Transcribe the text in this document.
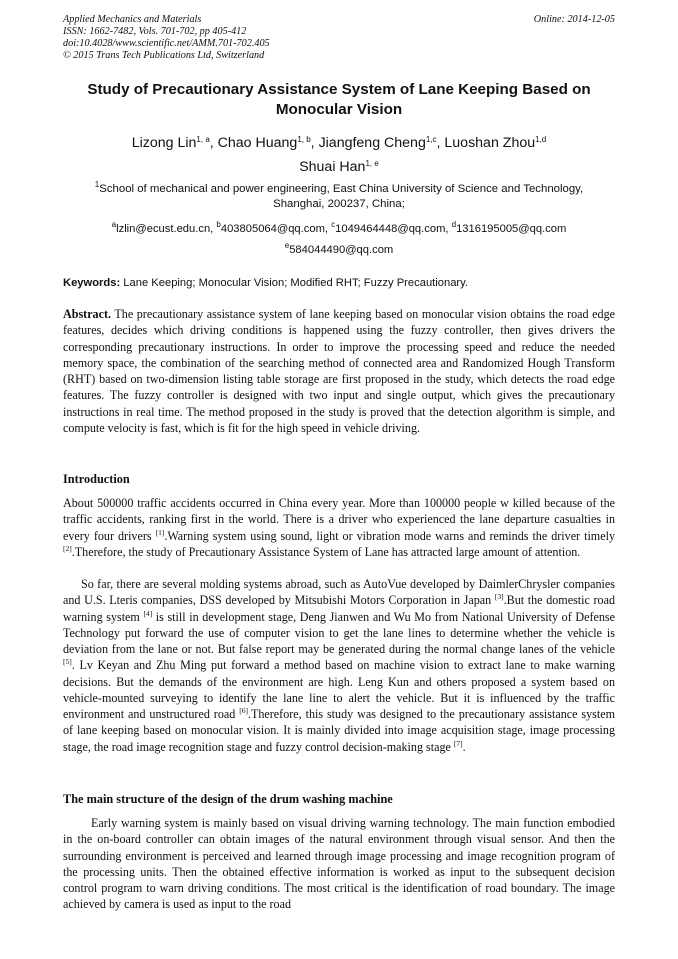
Applied Mechanics and Materials
ISSN: 1662-7482, Vols. 701-702, pp 405-412
doi:10.4028/www.scientific.net/AMM.701-702.405
© 2015 Trans Tech Publications Ltd, Switzerland
Online: 2014-12-05
Study of Precautionary Assistance System of Lane Keeping Based on
Monocular Vision
Lizong Lin$^{1, a}$, Chao Huang$^{1, b}$, Jiangfeng Cheng$^{1,c}$, Luoshan Zhou$^{1,d}$
Shuai Han$^{1, e}$
$^1$School of mechanical and power engineering, East China University of Science and Technology,
Shanghai, 200237, China;
$^a$lzlin@ecust.edu.cn, $^b$403805064@qq.com, $^c$1049464448@qq.com, $^d$1316195005@qq.com
$^e$584044490@qq.com
Keywords: Lane Keeping; Monocular Vision; Modified RHT; Fuzzy Precautionary.
Abstract. The precautionary assistance system of lane keeping based on monocular vision obtains the road edge features, decides which driving conditions is happened using the fuzzy controller, then gives drivers the corresponding precautionary instructions. In order to improve the processing speed and reduce the needed memory space, the combination of the searching method of connected area and Randomized Hough Transform (RHT) based on two-dimension listing table storage are first proposed in the study, which detects the road edge features. The fuzzy controller is designed with two input and single output, which gives the precautionary instructions in real time. The method proposed in the study is proved that the detection algorithm is simple, and compute velocity is fast, which is fit for the high speed in vehicle driving.
Introduction
About 500000 traffic accidents occurred in China every year. More than 100000 people w killed because of the traffic accidents, ranking first in the world. There is a driver who experienced the lane departure casualties in every four drivers [1].Warning system using sound, light or vibration mode warns and reminds the driver timely [2].Therefore, the study of Precautionary Assistance System of Lane has attracted large amount of attention.
So far, there are several molding systems abroad, such as AutoVue developed by DaimlerChrysler companies and U.S. Lteris companies, DSS developed by Mitsubishi Motors Corporation in Japan [3].But the domestic road warning system [4] is still in development stage, Deng Jianwen and Wu Mo from National University of Defense Technology put forward the use of computer vision to get the lane lines to determine whether the vehicle is deviation from the lane or not. But false report may be generated during the normal change lanes of the vehicle [5]. Lv Keyan and Zhu Ming put forward a method based on machine vision to extract lane to make warning decisions. But the demands of the environment are high. Leng Kun and others proposed a system based on vehicle-mounted surveying to identify the lane line to alert the vehicle. But it is influenced by the traffic environment and unstructured road [6].Therefore, this study was designed to the precautionary assistance system of lane keeping based on monocular vision. It is mainly divided into image acquisition stage, image processing stage, the road image recognition stage and fuzzy control decision-making stage [7].
The main structure of the design of the drum washing machine
Early warning system is mainly based on visual driving warning technology. The main function embodied in the on-board controller can obtain images of the natural environment through visual sensor. And then the surrounding environment is perceived and learned through image processing and image recognition program of the processing units. Then the obtained effective information is worked as input to the subsequent decision control program to warn driving conditions. The most critical is the identification of road boundary. The image achieved by camera is used as input to the road
